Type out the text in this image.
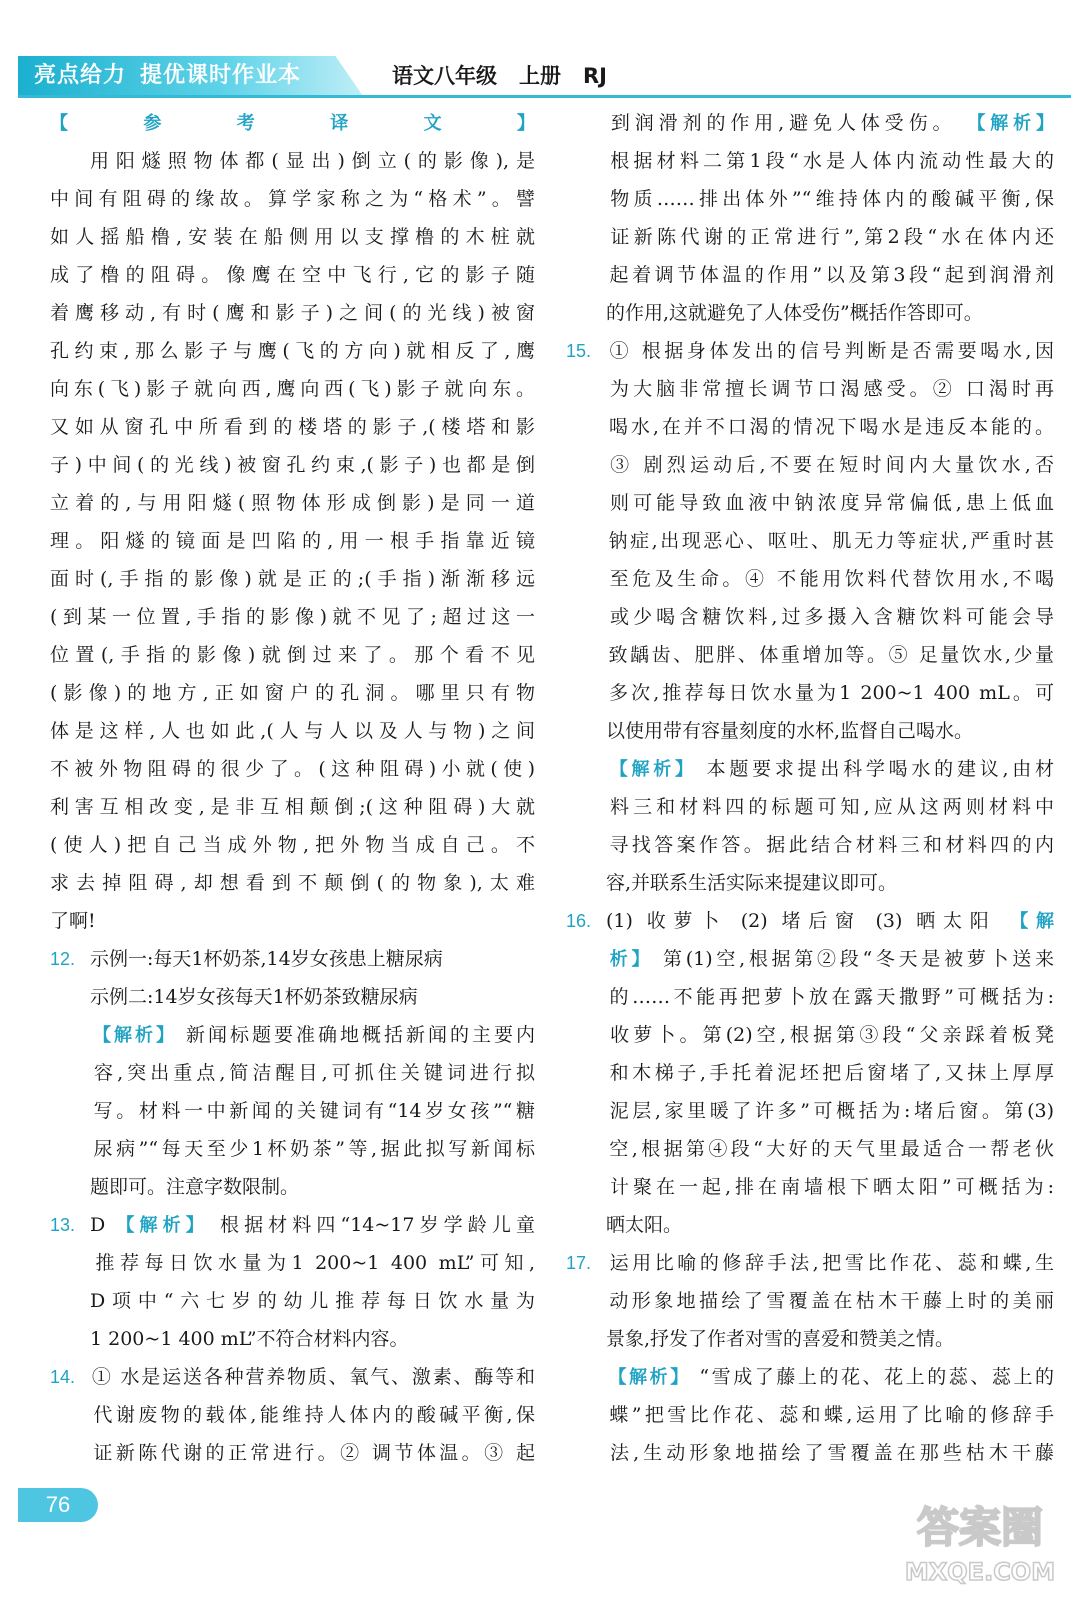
亮点给力 提优课时作业本	语文八年级 上册 RJ
【参考译文】
用阳燧照物体都(显出)倒立(的影像),是
中间有阻碍的缘故。算学家称之为“格术”。譬
如人摇船橹,安装在船侧用以支撑橹的木桩就
成了橹的阻碍。像鹰在空中飞行,它的影子随
着鹰移动,有时(鹰和影子)之间(的光线)被窗
孔约束,那么影子与鹰(飞的方向)就相反了,鹰
向东(飞)影子就向西,鹰向西(飞)影子就向东。
又如从窗孔中所看到的楼塔的影子,(楼塔和影
子)中间(的光线)被窗孔约束,(影子)也都是倒
立着的,与用阳燧(照物体形成倒影)是同一道
理。阳燧的镜面是凹陷的,用一根手指靠近镜
面时(,手指的影像)就是正的;(手指)渐渐移远
(到某一位置,手指的影像)就不见了;超过这一
位置(,手指的影像)就倒过来了。那个看不见
(影像)的地方,正如窗户的孔洞。哪里只有物
体是这样,人也如此,(人与人以及人与物)之间
不被外物阻碍的很少了。(这种阻碍)小就(使)
利害互相改变,是非互相颠倒;(这种阻碍)大就
(使人)把自己当成外物,把外物当成自己。不
求去掉阻碍,却想看到不颠倒(的物象),太难
了啊!
12. 示例一:每天1杯奶茶,14岁女孩患上糖尿病
示例二:14岁女孩每天1杯奶茶致糖尿病
【解析】 新闻标题要准确地概括新闻的主要内
容,突出重点,简洁醒目,可抓住关键词进行拟
写。材料一中新闻的关键词有“14岁女孩”“糖
尿病”“每天至少1杯奶茶”等,据此拟写新闻标
题即可。注意字数限制。
13. D 【解析】 根据材料四“14~17岁学龄儿童
推荐每日饮水量为1 200~1 400 mL”可知,
D项中“六七岁的幼儿推荐每日饮水量为
1 200~1 400 mL”不符合材料内容。
14. ① 水是运送各种营养物质、氧气、激素、酶等和
代谢废物的载体,能维持人体内的酸碱平衡,保
证新陈代谢的正常进行。② 调节体温。③ 起
到润滑剂的作用,避免人体受伤。 【解析】
根据材料二第1段“水是人体内流动性最大的
物质……排出体外”“维持体内的酸碱平衡,保
证新陈代谢的正常进行”,第2段“水在体内还
起着调节体温的作用”以及第3段“起到润滑剂
的作用,这就避免了人体受伤”概括作答即可。
15. ① 根据身体发出的信号判断是否需要喝水,因
为大脑非常擅长调节口渴感受。② 口渴时再
喝水,在并不口渴的情况下喝水是违反本能的。
③ 剧烈运动后,不要在短时间内大量饮水,否
则可能导致血液中钠浓度异常偏低,患上低血
钠症,出现恶心、呕吐、肌无力等症状,严重时甚
至危及生命。④ 不能用饮料代替饮用水,不喝
或少喝含糖饮料,过多摄入含糖饮料可能会导
致龋齿、肥胖、体重增加等。⑤ 足量饮水,少量
多次,推荐每日饮水量为1 200~1 400 mL。可
以使用带有容量刻度的水杯,监督自己喝水。
【解析】 本题要求提出科学喝水的建议,由材
料三和材料四的标题可知,应从这两则材料中
寻找答案作答。据此结合材料三和材料四的内
容,并联系生活实际来提建议即可。
16. (1) 收萝卜 (2) 堵后窗 (3) 晒太阳 【解
析】 第(1)空,根据第②段“冬天是被萝卜送来
的……不能再把萝卜放在露天撒野”可概括为:
收萝卜。第(2)空,根据第③段“父亲踩着板凳
和木梯子,手托着泥坯把后窗堵了,又抹上厚厚
泥层,家里暖了许多”可概括为:堵后窗。第(3)
空,根据第④段“大好的天气里最适合一帮老伙
计聚在一起,排在南墙根下晒太阳”可概括为:
晒太阳。
17. 运用比喻的修辞手法,把雪比作花、蕊和蝶,生
动形象地描绘了雪覆盖在枯木干藤上时的美丽
景象,抒发了作者对雪的喜爱和赞美之情。
【解析】 “雪成了藤上的花、花上的蕊、蕊上的
蝶”把雪比作花、蕊和蝶,运用了比喻的修辞手
法,生动形象地描绘了雪覆盖在那些枯木干藤
76	答案圈
MXQE.COM
